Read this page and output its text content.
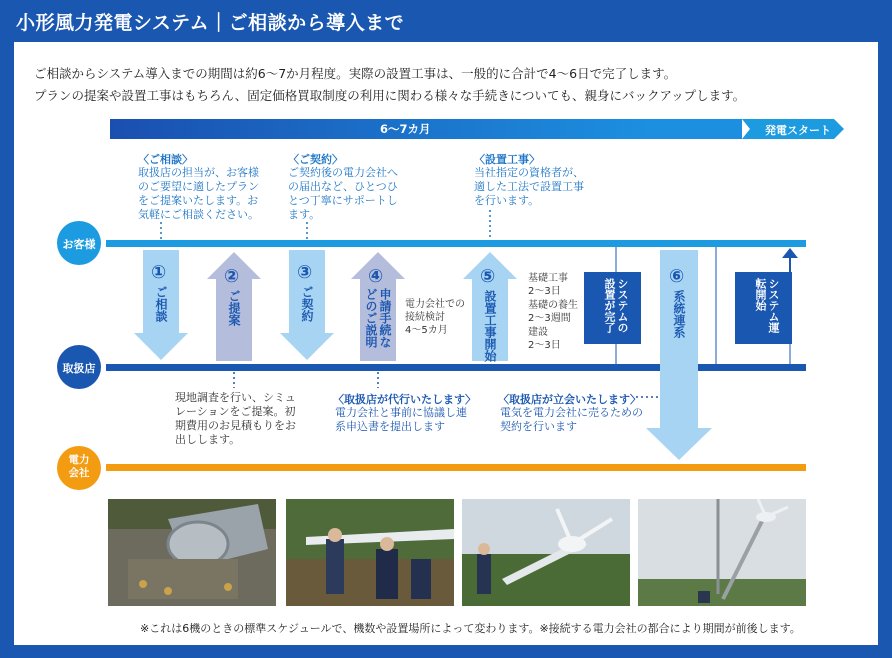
小形風力発電システム｜ご相談から導入まで
ご相談からシステム導入までの期間は約6〜7か月程度。実際の設置工事は、一般的に合計で4〜6日で完了します。
プランの提案や設置工事はもちろん、固定価格買取制度の利用に関わる様々な手続きについても、親身にバックアップします。
6〜7カ月	発電スタート
〈ご相談〉
取扱店の担当が、お客様のご要望に適したプランをご提案いたします。お気軽にご相談ください。
〈ご契約〉
ご契約後の電力会社への届出など、ひとつひとつ丁寧にサポートします。
〈設置工事〉
当社指定の資格者が、適した工法で設置工事を行います。
お客様
取扱店
電力
会社
①
ご相談
②
ご提案
③
ご契約
④
申請手続などのご説明
⑤
設置工事開始
⑥
系統連系
システムの設置が完了	システム運転開始
電力会社での
接続検討
4〜5カ月
基礎工事
2〜3日
基礎の養生
2〜3週間
建設
2〜3日
現地調査を行い、シミュレーションをご提案。初期費用のお見積もりをお出しします。
〈取扱店が代行いたします〉
電力会社と事前に協議し連系申込書を提出します
〈取扱店が立会いたします〉
電気を電力会社に売るための契約を行います
※これは6機のときの標準スケジュールで、機数や設置場所によって変わります。※接続する電力会社の都合により期間が前後します。
